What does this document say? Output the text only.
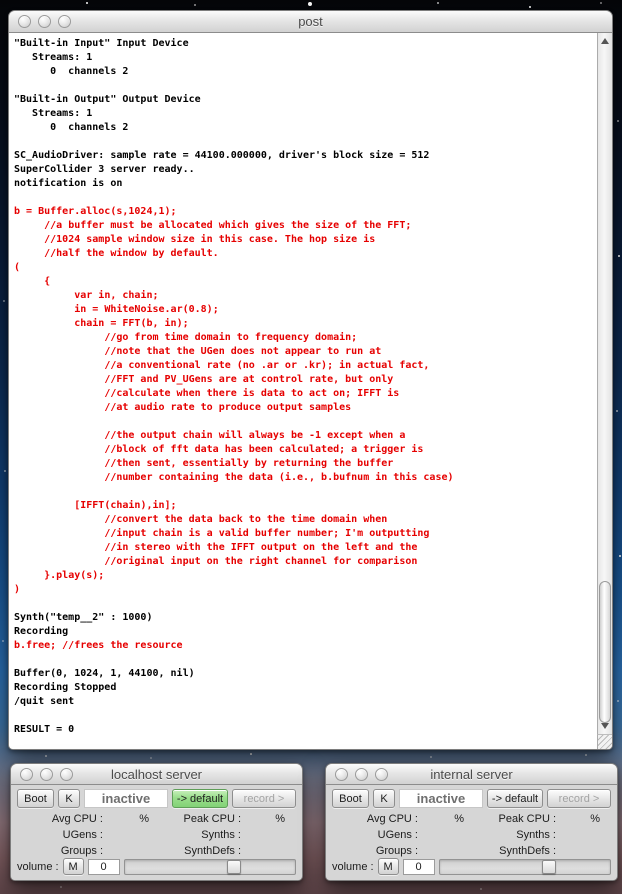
post
"Built-in Input" Input Device
Streams: 1
0  channels 2
"Built-in Output" Output Device
Streams: 1
0  channels 2
SC_AudioDriver: sample rate = 44100.000000, driver's block size = 512
SuperCollider 3 server ready..
notification is on
b = Buffer.alloc(s,1024,1);
	//a buffer must be allocated which gives the size of the FFT;
	//1024 sample window size in this case. The hop size is
	//half the window by default.
(
	{
		var in, chain;
		in = WhiteNoise.ar(0.8);
		chain = FFT(b, in);
			//go from time domain to frequency domain;
			//note that the UGen does not appear to run at
			//a conventional rate (no .ar or .kr); in actual fact,
			//FFT and PV_UGens are at control rate, but only
			//calculate when there is data to act on; IFFT is
			//at audio rate to produce output samples
			//the output chain will always be -1 except when a
			//block of fft data has been calculated; a trigger is
			//then sent, essentially by returning the buffer
			//number containing the data (i.e., b.bufnum in this case)
		[IFFT(chain),in];
			//convert the data back to the time domain when
			//input chain is a valid buffer number; I'm outputting
			//in stereo with the IFFT output on the left and the
			//original input on the right channel for comparison
	}.play(s);
)
Synth("temp__2" : 1000)
Recording
b.free; //frees the resource
Buffer(0, 1024, 1, 44100, nil)
Recording Stopped
/quit sent
RESULT = 0
localhost server
Boot	K	inactive	-> default	record >
Avg CPU :	%	Peak CPU :	%
UGens :	Synths :
Groups :	SynthDefs :
volume : M	0
internal server
Boot	K	inactive	-> default	record >
Avg CPU :	%	Peak CPU :	%
UGens :	Synths :
Groups :	SynthDefs :
volume : M	0
